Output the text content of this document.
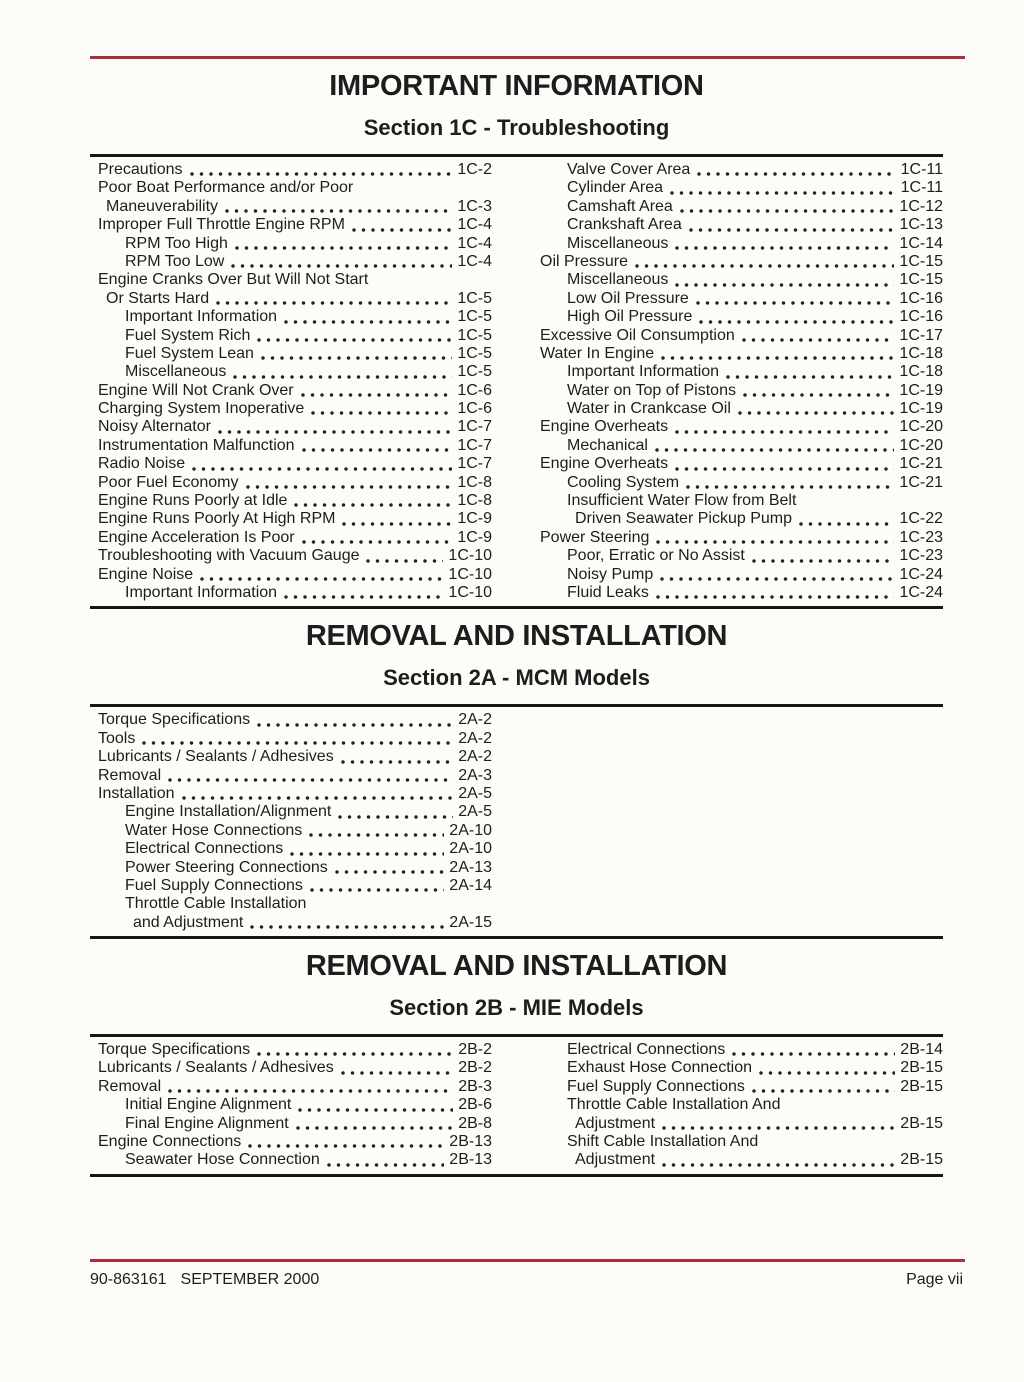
IMPORTANT INFORMATION
Section 1C - Troubleshooting
Precautions	1C-2
Poor Boat Performance and/or Poor
Maneuverability	1C-3
Improper Full Throttle Engine RPM	1C-4
RPM Too High	1C-4
RPM Too Low	1C-4
Engine Cranks Over But Will Not Start
Or Starts Hard	1C-5
Important Information	1C-5
Fuel System Rich	1C-5
Fuel System Lean	1C-5
Miscellaneous	1C-5
Engine Will Not Crank Over	1C-6
Charging System Inoperative	1C-6
Noisy Alternator	1C-7
Instrumentation Malfunction	1C-7
Radio Noise	1C-7
Poor Fuel Economy	1C-8
Engine Runs Poorly at Idle	1C-8
Engine Runs Poorly At High RPM	1C-9
Engine Acceleration Is Poor	1C-9
Troubleshooting with Vacuum Gauge	1C-10
Engine Noise	1C-10
Important Information	1C-10
Valve Cover Area	1C-11
Cylinder Area	1C-11
Camshaft Area	1C-12
Crankshaft Area	1C-13
Miscellaneous	1C-14
Oil Pressure	1C-15
Miscellaneous	1C-15
Low Oil Pressure	1C-16
High Oil Pressure	1C-16
Excessive Oil Consumption	1C-17
Water In Engine	1C-18
Important Information	1C-18
Water on Top of Pistons	1C-19
Water in Crankcase Oil	1C-19
Engine Overheats	1C-20
Mechanical	1C-20
Engine Overheats	1C-21
Cooling System	1C-21
Insufficient Water Flow from Belt
Driven Seawater Pickup Pump	1C-22
Power Steering	1C-23
Poor, Erratic or No Assist	1C-23
Noisy Pump	1C-24
Fluid Leaks	1C-24
REMOVAL AND INSTALLATION
Section 2A - MCM Models
Torque Specifications	2A-2
Tools	2A-2
Lubricants / Sealants / Adhesives	2A-2
Removal	2A-3
Installation	2A-5
Engine Installation/Alignment	2A-5
Water Hose Connections	2A-10
Electrical Connections	2A-10
Power Steering Connections	2A-13
Fuel Supply Connections	2A-14
Throttle Cable Installation
and Adjustment	2A-15
REMOVAL AND INSTALLATION
Section 2B - MIE Models
Torque Specifications	2B-2
Lubricants / Sealants / Adhesives	2B-2
Removal	2B-3
Initial Engine Alignment	2B-6
Final Engine Alignment	2B-8
Engine Connections	2B-13
Seawater Hose Connection	2B-13
Electrical Connections	2B-14
Exhaust Hose Connection	2B-15
Fuel Supply Connections	2B-15
Throttle Cable Installation And
Adjustment	2B-15
Shift Cable Installation And
Adjustment	2B-15
90-863161 SEPTEMBER 2000	Page vii
